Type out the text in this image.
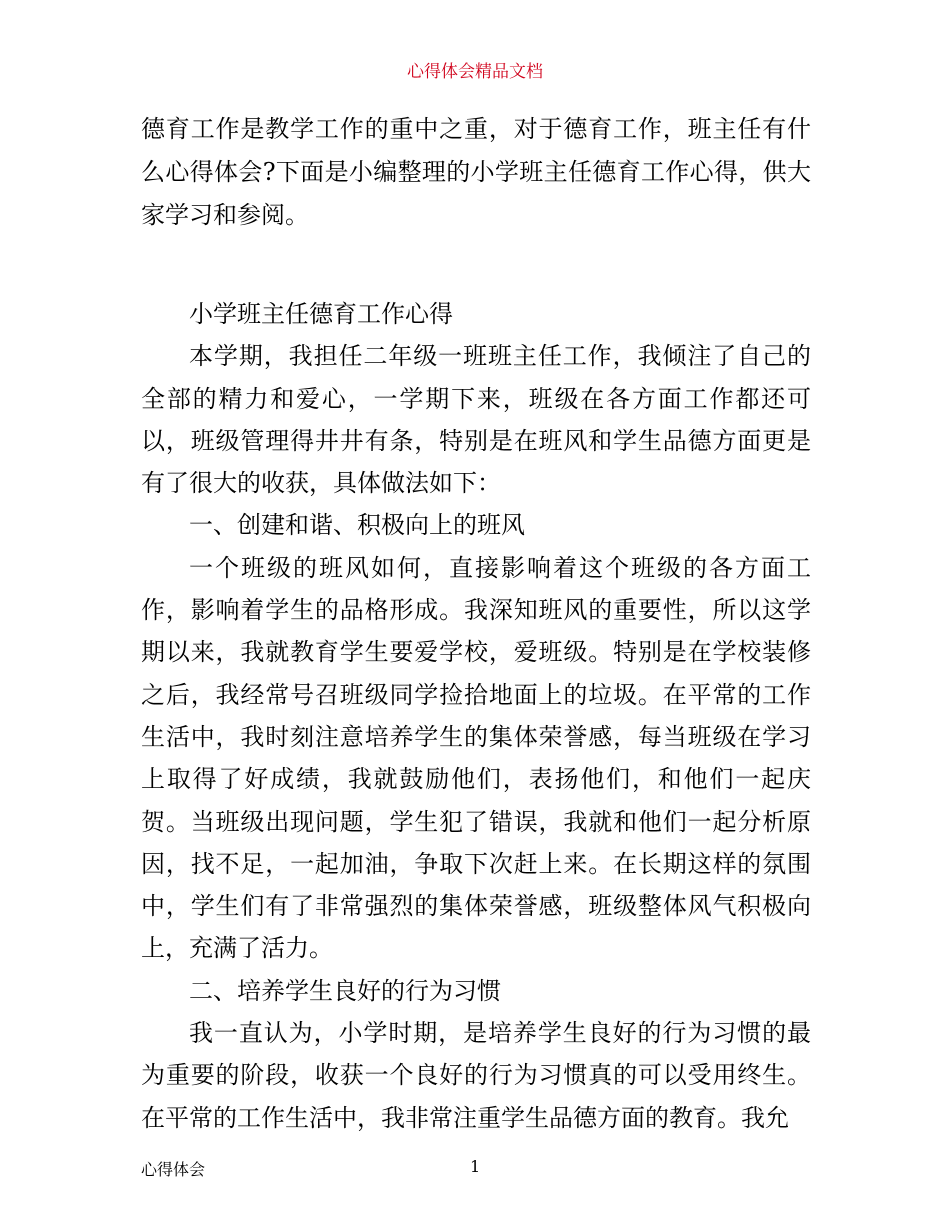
心得体会精品文档

德育工作是教学工作的重中之重，对于德育工作，班主任有什么心得体会?下面是小编整理的小学班主任德育工作心得，供大家学习和参阅。

小学班主任德育工作心得

本学期，我担任二年级一班班主任工作，我倾注了自己的全部的精力和爱心，一学期下来，班级在各方面工作都还可以，班级管理得井井有条，特别是在班风和学生品德方面更是有了很大的收获，具体做法如下：

一、创建和谐、积极向上的班风

一个班级的班风如何，直接影响着这个班级的各方面工作，影响着学生的品格形成。我深知班风的重要性，所以这学期以来，我就教育学生要爱学校，爱班级。特别是在学校装修之后，我经常号召班级同学捡拾地面上的垃圾。在平常的工作生活中，我时刻注意培养学生的集体荣誉感，每当班级在学习上取得了好成绩，我就鼓励他们，表扬他们，和他们一起庆贺。当班级出现问题，学生犯了错误，我就和他们一起分析原因，找不足，一起加油，争取下次赶上来。在长期这样的氛围中，学生们有了非常强烈的集体荣誉感，班级整体风气积极向上，充满了活力。

二、培养学生良好的行为习惯

我一直认为，小学时期，是培养学生良好的行为习惯的最为重要的阶段，收获一个良好的行为习惯真的可以受用终生。在平常的工作生活中，我非常注重学生品德方面的教育。我允

心得体会	1
